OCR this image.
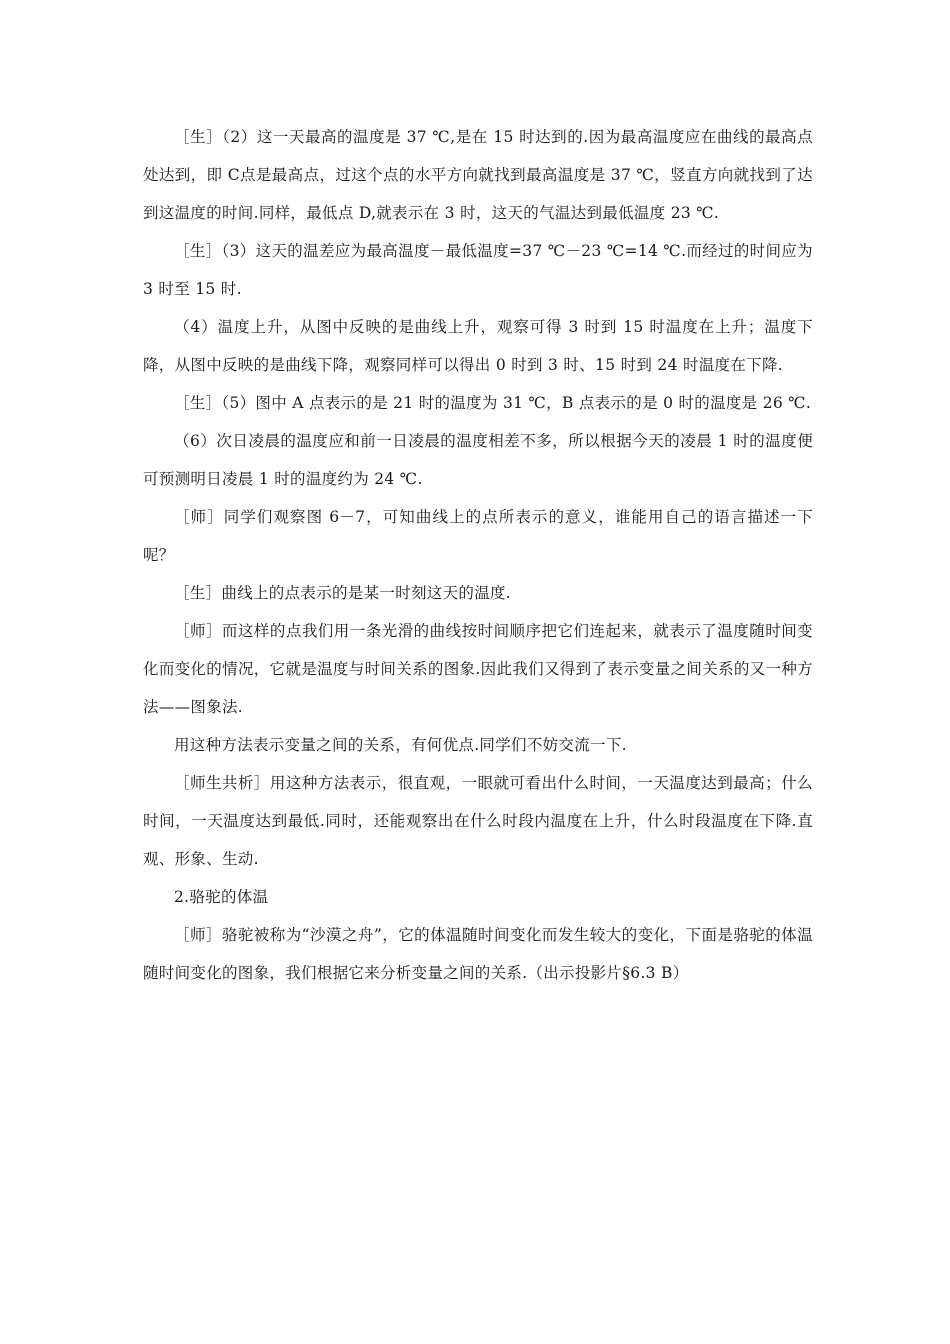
［生］（2）这一天最高的温度是 37 ℃,是在 15 时达到的.因为最高温度应在曲线的最高点处达到，即 C点是最高点，过这个点的水平方向就找到最高温度是 37 ℃，竖直方向就找到了达到这温度的时间.同样，最低点 D,就表示在 3 时，这天的气温达到最低温度 23 ℃.

［生］（3）这天的温差应为最高温度－最低温度=37 ℃－23 ℃=14 ℃.而经过的时间应为 3 时至 15 时.

（4）温度上升，从图中反映的是曲线上升，观察可得 3 时到 15 时温度在上升；温度下降，从图中反映的是曲线下降，观察同样可以得出 0 时到 3 时、15 时到 24 时温度在下降.

［生］（5）图中 A 点表示的是 21 时的温度为 31 ℃，B 点表示的是 0 时的温度是 26 ℃.

（6）次日凌晨的温度应和前一日凌晨的温度相差不多，所以根据今天的凌晨 1 时的温度便可预测明日凌晨 1 时的温度约为 24 ℃.

［师］同学们观察图 6－7，可知曲线上的点所表示的意义，谁能用自己的语言描述一下呢？

［生］曲线上的点表示的是某一时刻这天的温度.

［师］而这样的点我们用一条光滑的曲线按时间顺序把它们连起来，就表示了温度随时间变化而变化的情况，它就是温度与时间关系的图象.因此我们又得到了表示变量之间关系的又一种方法——图象法.

用这种方法表示变量之间的关系，有何优点.同学们不妨交流一下.

［师生共析］用这种方法表示，很直观，一眼就可看出什么时间，一天温度达到最高；什么时间，一天温度达到最低.同时，还能观察出在什么时段内温度在上升，什么时段温度在下降.直观、形象、生动.

2.骆驼的体温

［师］骆驼被称为“沙漠之舟”，它的体温随时间变化而发生较大的变化，下面是骆驼的体温随时间变化的图象，我们根据它来分析变量之间的关系.（出示投影片§6.3 B）
